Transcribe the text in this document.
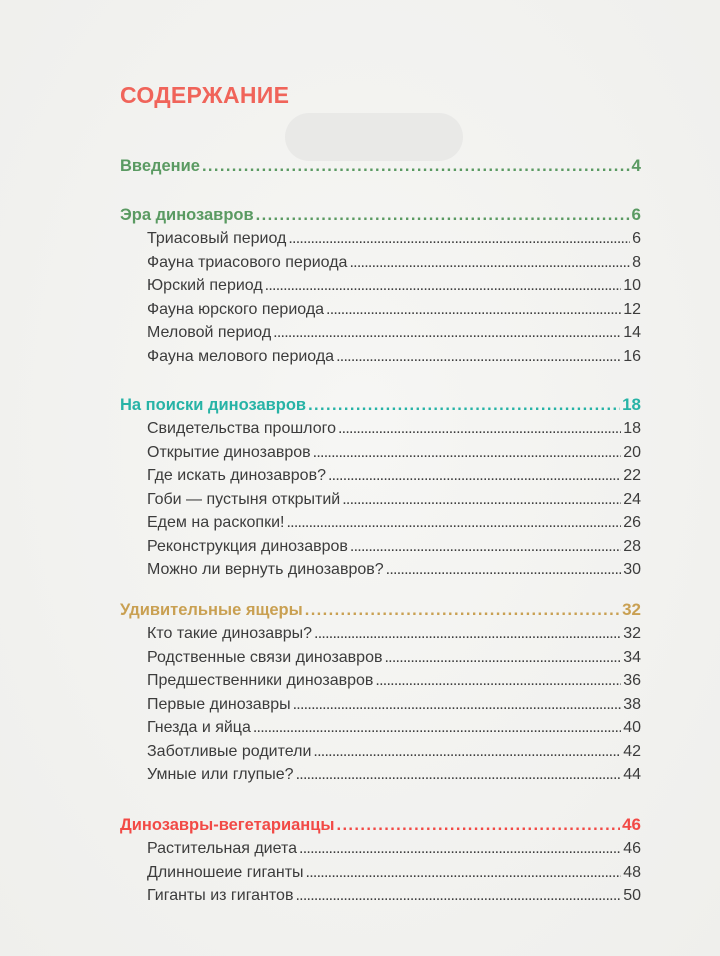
СОДЕРЖАНИЕ
Введение . . .	4
Эра динозавров . . .	6
Триасовый период . . .	6
Фауна триасового периода . . .	8
Юрский период . . .	10
Фауна юрского периода . . .	12
Меловой период . . .	14
Фауна мелового периода . . .	16
На поиски динозавров . . .	18
Свидетельства прошлого . . .	18
Открытие динозавров . . .	20
Где искать динозавров? . . .	22
Гоби — пустыня открытий . . .	24
Едем на раскопки! . . .	26
Реконструкция динозавров . . .	28
Можно ли вернуть динозавров? . . .	30
Удивительные ящеры . . .	32
Кто такие динозавры? . . .	32
Родственные связи динозавров . . .	34
Предшественники динозавров . . .	36
Первые динозавры . . .	38
Гнезда и яйца . . .	40
Заботливые родители . . .	42
Умные или глупые? . . .	44
Динозавры-вегетарианцы . . .	46
Растительная диета . . .	46
Длинношеие гиганты . . .	48
Гиганты из гигантов . . .	50
